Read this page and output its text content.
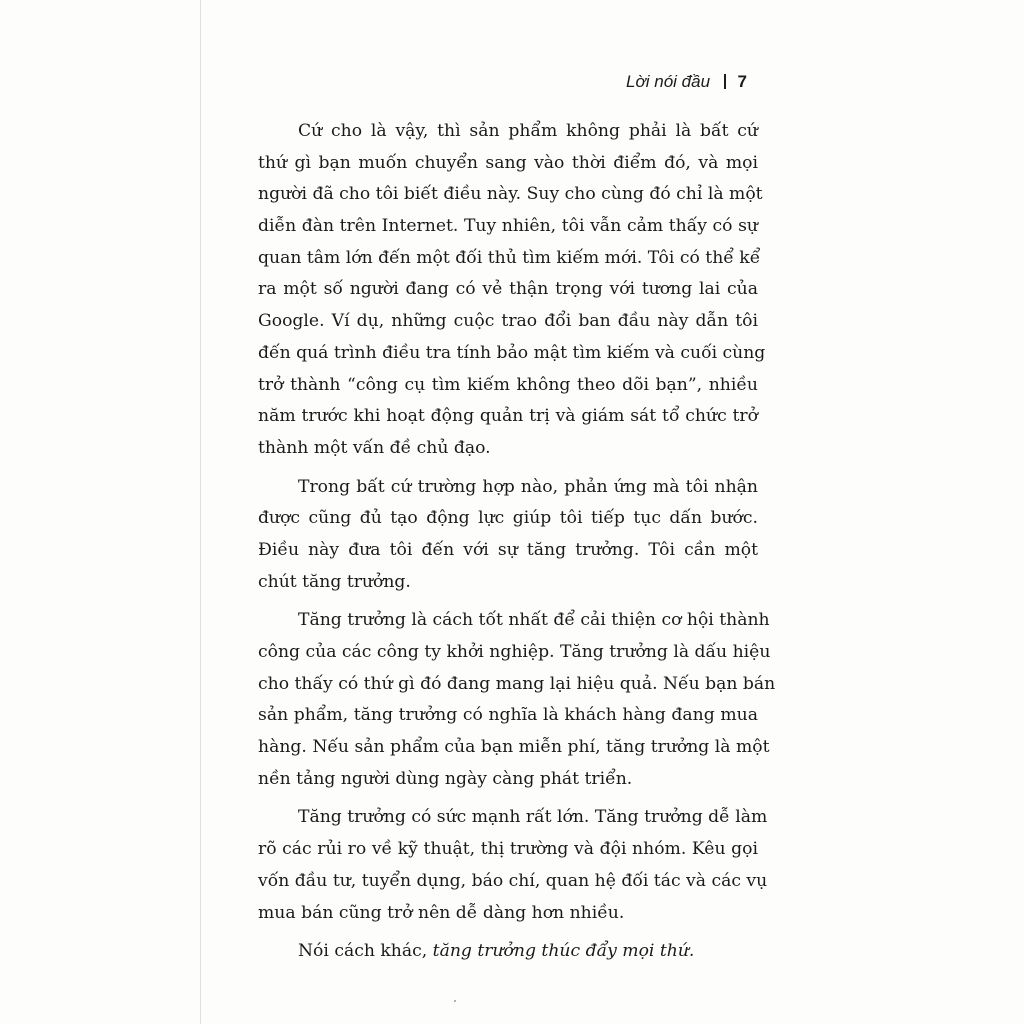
Lời nói đầu 7
Cứ cho là vậy, thì sản phẩm không phải là bất cứ
thứ gì bạn muốn chuyển sang vào thời điểm đó, và mọi
người đã cho tôi biết điều này. Suy cho cùng đó chỉ là một
diễn đàn trên Internet. Tuy nhiên, tôi vẫn cảm thấy có sự
quan tâm lớn đến một đối thủ tìm kiếm mới. Tôi có thể kể
ra một số người đang có vẻ thận trọng với tương lai của
Google. Ví dụ, những cuộc trao đổi ban đầu này dẫn tôi
đến quá trình điều tra tính bảo mật tìm kiếm và cuối cùng
trở thành “công cụ tìm kiếm không theo dõi bạn”, nhiều
năm trước khi hoạt động quản trị và giám sát tổ chức trở
thành một vấn đề chủ đạo.
Trong bất cứ trường hợp nào, phản ứng mà tôi nhận
được cũng đủ tạo động lực giúp tôi tiếp tục dấn bước.
Điều này đưa tôi đến với sự tăng trưởng. Tôi cần một
chút tăng trưởng.
Tăng trưởng là cách tốt nhất để cải thiện cơ hội thành
công của các công ty khởi nghiệp. Tăng trưởng là dấu hiệu
cho thấy có thứ gì đó đang mang lại hiệu quả. Nếu bạn bán
sản phẩm, tăng trưởng có nghĩa là khách hàng đang mua
hàng. Nếu sản phẩm của bạn miễn phí, tăng trưởng là một
nền tảng người dùng ngày càng phát triển.
Tăng trưởng có sức mạnh rất lớn. Tăng trưởng dễ làm
rõ các rủi ro về kỹ thuật, thị trường và đội nhóm. Kêu gọi
vốn đầu tư, tuyển dụng, báo chí, quan hệ đối tác và các vụ
mua bán cũng trở nên dễ dàng hơn nhiều.
Nói cách khác, tăng trưởng thúc đẩy mọi thứ.
